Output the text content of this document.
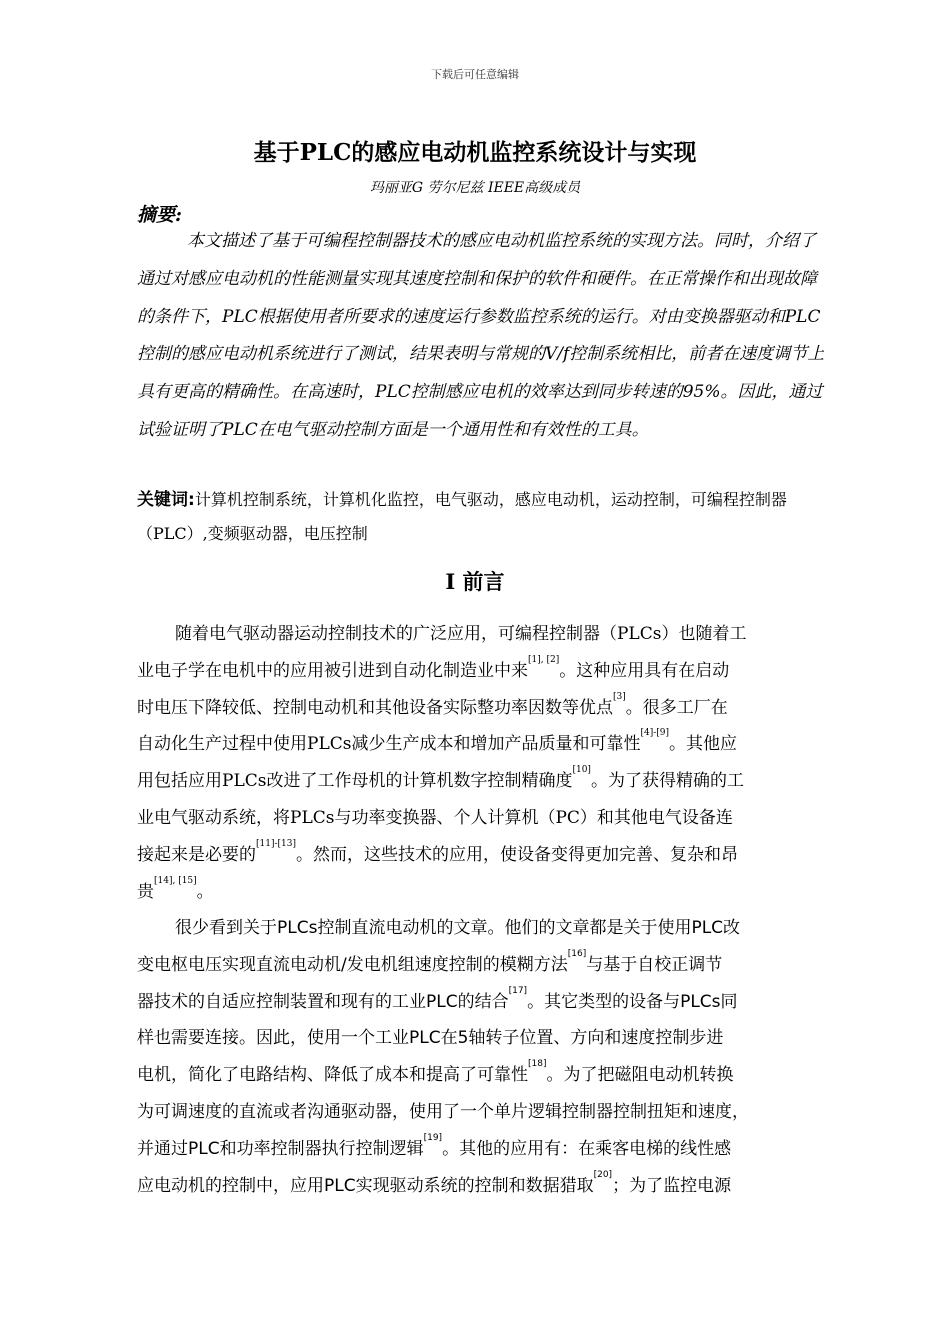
下载后可任意编辑
基于PLC的感应电动机监控系统设计与实现
玛丽亚G 劳尔尼兹 IEEE高级成员
摘要:

本文描述了基于可编程控制器技术的感应电动机监控系统的实现方法。同时，介绍了通过对感应电动机的性能测量实现其速度控制和保护的软件和硬件。在正常操作和出现故障的条件下，PLC根据使用者所要求的速度运行参数监控系统的运行。对由变换器驱动和PLC控制的感应电动机系统进行了测试，结果表明与常规的V/f控制系统相比，前者在速度调节上具有更高的精确性。在高速时，PLC控制感应电机的效率达到同步转速的95%。因此，通过试验证明了PLC在电气驱动控制方面是一个通用性和有效性的工具。

关键词:计算机控制系统，计算机化监控，电气驱动，感应电动机，运动控制，可编程控制器（PLC）,变频驱动器，电压控制

I 前言
随着电气驱动器运动控制技术的广泛应用，可编程控制器（PLCs）也随着工
业电子学在电机中的应用被引进到自动化制造业中来[1], [2]。这种应用具有在启动
时电压下降较低、控制电动机和其他设备实际整功率因数等优点[3]。很多工厂在
自动化生产过程中使用PLCs减少生产成本和增加产品质量和可靠性[4]-[9]。其他应
用包括应用PLCs改进了工作母机的计算机数字控制精确度[10]。为了获得精确的工
业电气驱动系统，将PLCs与功率变换器、个人计算机（PC）和其他电气设备连
接起来是必要的[11]-[13]。然而，这些技术的应用，使设备变得更加完善、复杂和昂
贵[14], [15]。
很少看到关于PLCs控制直流电动机的文章。他们的文章都是关于使用PLC改
变电枢电压实现直流电动机/发电机组速度控制的模糊方法[16]与基于自校正调节
器技术的自适应控制装置和现有的工业PLC的结合[17]。其它类型的设备与PLCs同
样也需要连接。因此，使用一个工业PLC在5轴转子位置、方向和速度控制步进
电机，简化了电路结构、降低了成本和提高了可靠性[18]。为了把磁阻电动机转换
为可调速度的直流或者沟通驱动器，使用了一个单片逻辑控制器控制扭矩和速度，
并通过PLC和功率控制器执行控制逻辑[19]。其他的应用有：在乘客电梯的线性感
应电动机的控制中，应用PLC实现驱动系统的控制和数据猎取[20]；为了监控电源
